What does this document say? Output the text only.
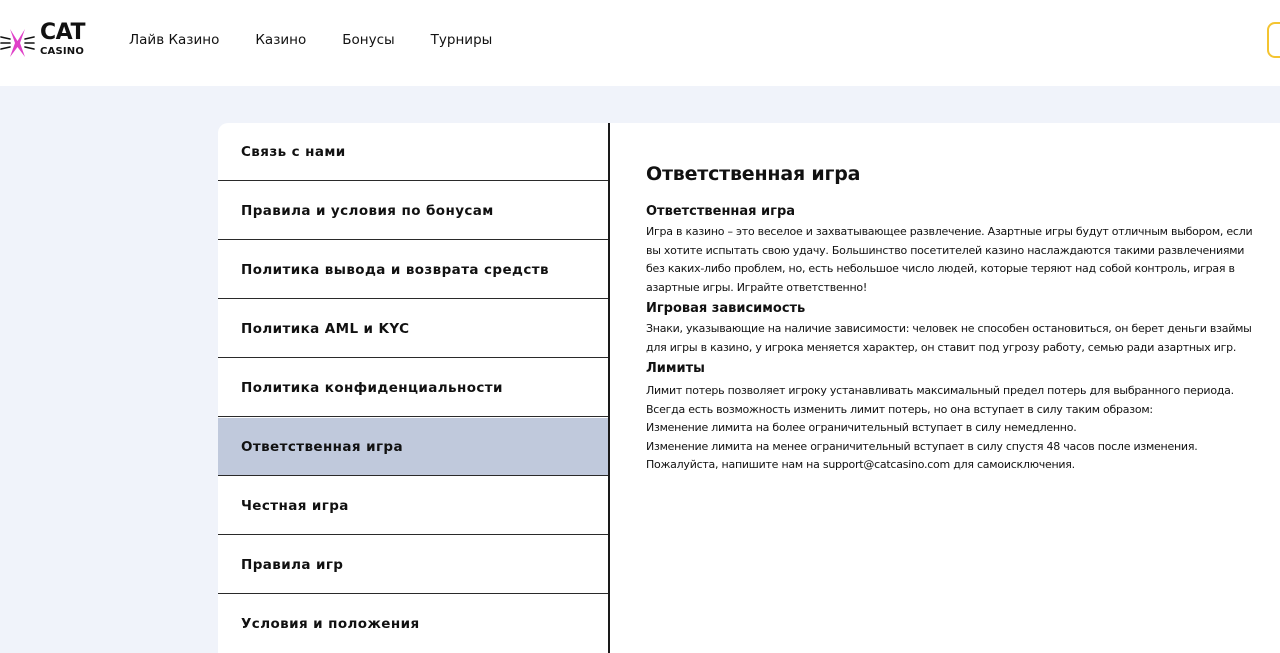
CAT
CASINO
Лайв Казино	Казино	Бонусы	Турниры
Связь с нами
Правила и условия по бонусам
Политика вывода и возврата средств
Политика AML и KYC
Политика конфиденциальности
Ответственная игра
Честная игра
Правила игр
Условия и положения
Ответственная игра
Ответственная игра

Игра в казино – это веселое и захватывающее развлечение. Азартные игры будут отличным выбором, если
вы хотите испытать свою удачу. Большинство посетителей казино наслаждаются такими развлечениями
без каких-либо проблем, но, есть небольшое число людей, которые теряют над собой контроль, играя в
азартные игры. Играйте ответственно!

Игровая зависимость

Знаки, указывающие на наличие зависимости: человек не способен остановиться, он берет деньги взаймы
для игры в казино, у игрока меняется характер, он ставит под угрозу работу, семью ради азартных игр.

Лимиты

Лимит потерь позволяет игроку устанавливать максимальный предел потерь для выбранного периода.
Всегда есть возможность изменить лимит потерь, но она вступает в силу таким образом:
Изменение лимита на более ограничительный вступает в силу немедленно.
Изменение лимита на менее ограничительный вступает в силу спустя 48 часов после изменения.
Пожалуйста, напишите нам на support@catcasino.com для самоисключения.
